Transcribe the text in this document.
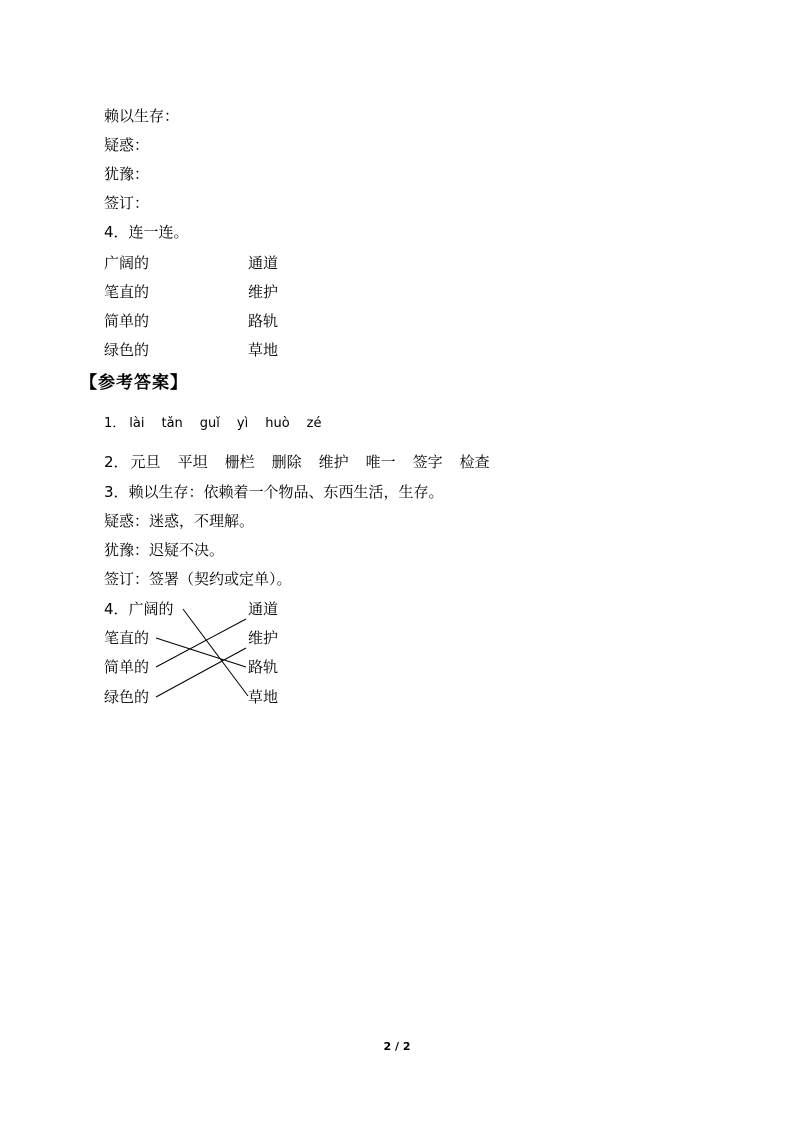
赖以生存：
疑惑：
犹豫：
签订：
4．连一连。
广阔的
笔直的
简单的
绿色的
通道
维护
路轨
草地
【参考答案】
1． lài tǎn guǐ yì huò zé
2． 元旦 平坦 栅栏 删除 维护 唯一 签字 检查
3．赖以生存：依赖着一个物品、东西生活，生存。
疑惑：迷惑，不理解。
犹豫：迟疑不决。
签订：签署（契约或定单）。
4．广阔的
笔直的
简单的
绿色的
通道
维护
路轨
草地
2 / 2
